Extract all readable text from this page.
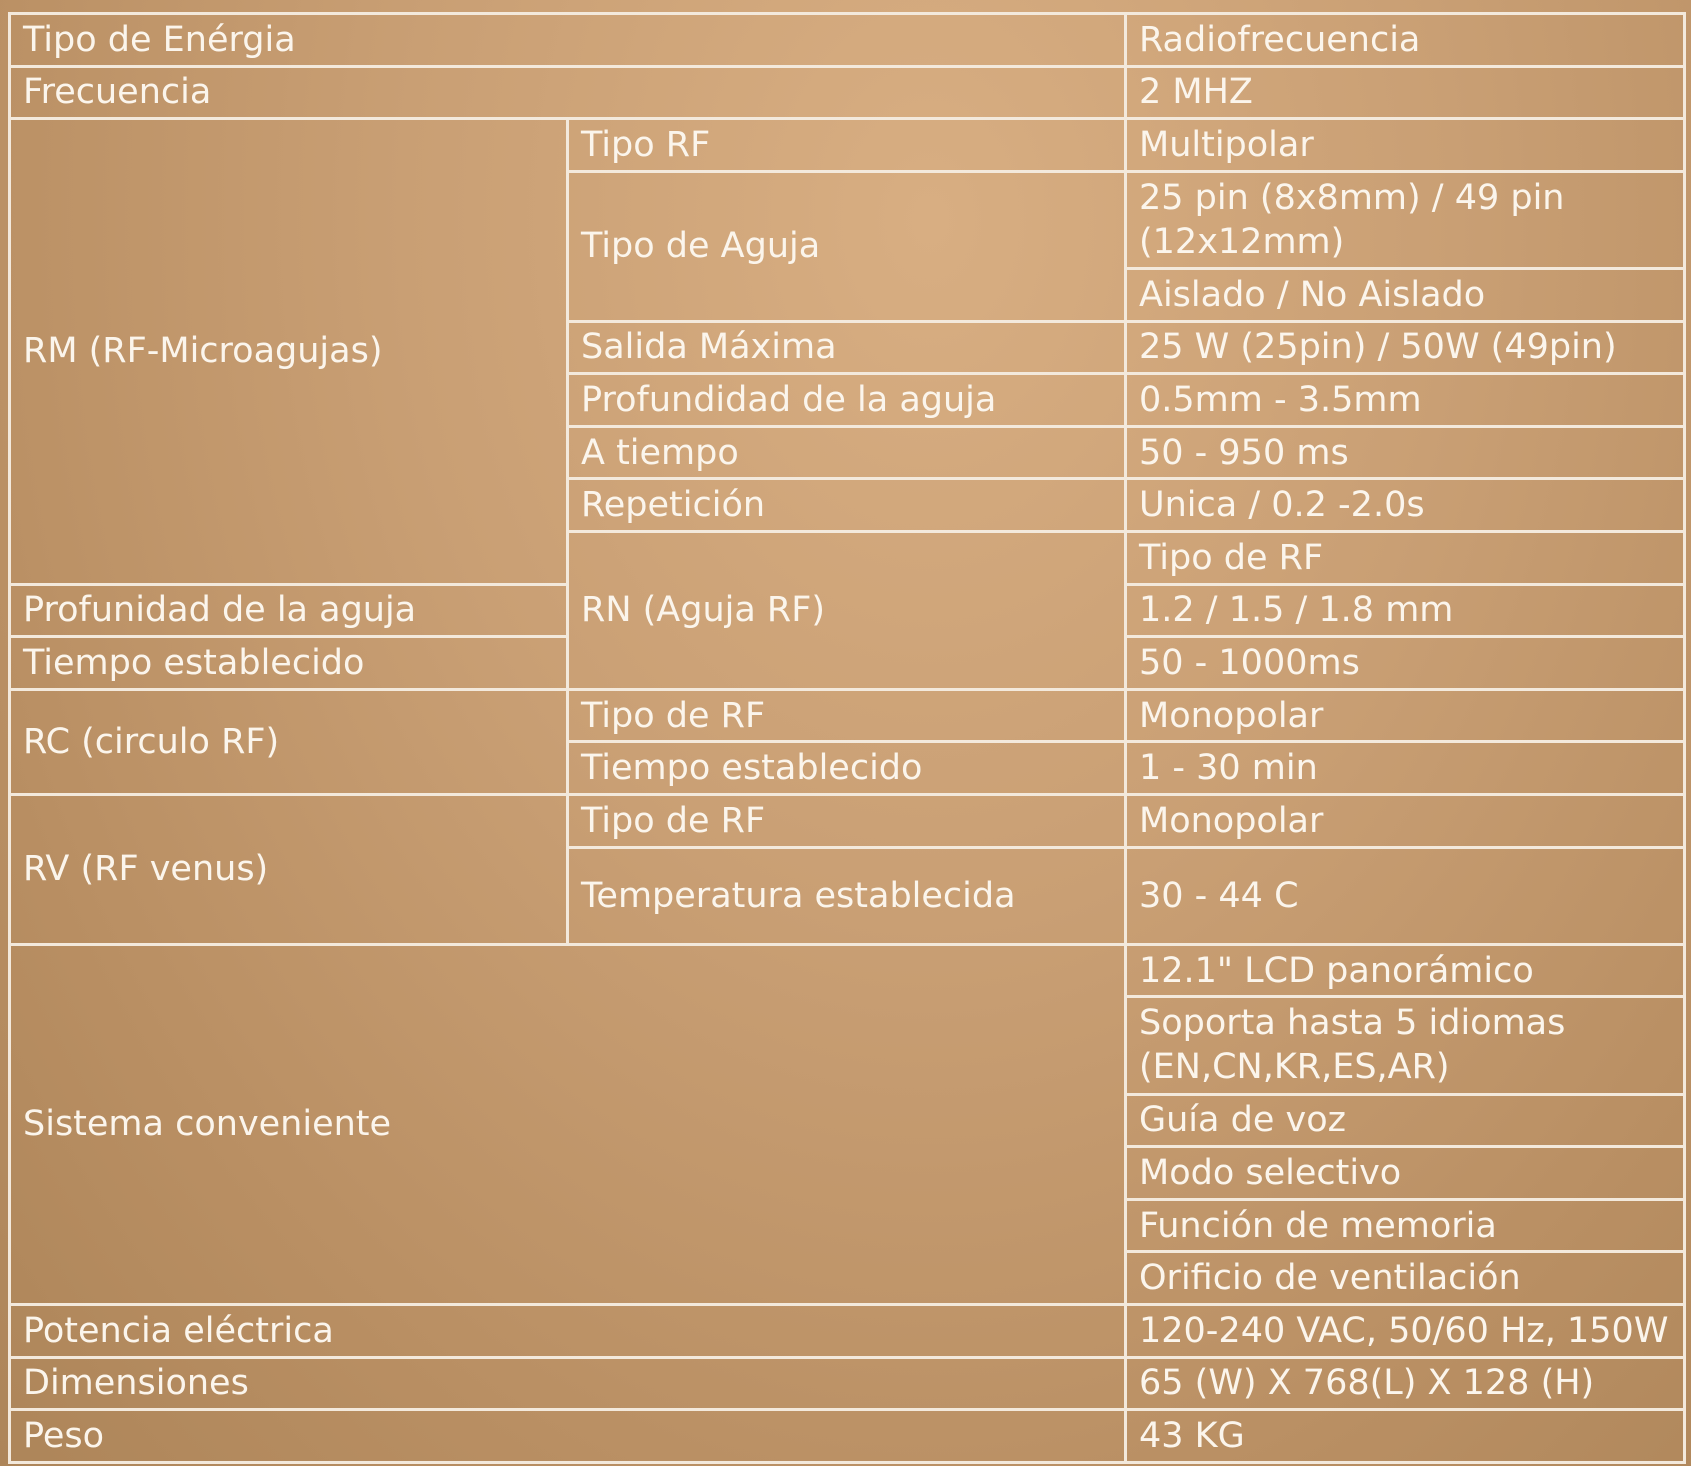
Tipo de Enérgia		Radiofrecuencia	
Frecuencia		2 MHZ	
RM (RF-Microagujas)	Tipo RF	Multipolar	
	Tipo de Aguja	25 pin (8x8mm) / 49 pin (12x12mm)	
		Aislado / No Aislado	
	Salida Máxima	25 W (25pin) / 50W (49pin)	
	Profundidad de la aguja	0.5mm - 3.5mm	
	A tiempo	50 - 950 ms	
	Repetición	Unica / 0.2 -2.0s	
	RN (Aguja RF)	Tipo de RF	
Profunidad de la aguja		1.2 / 1.5 / 1.8 mm	
Tiempo establecido		50 - 1000ms	
RC (circulo RF)	Tipo de RF	Monopolar	
	Tiempo establecido	1 - 30 min	
RV (RF venus)	Tipo de RF	Monopolar	
	Temperatura establecida	30 - 44 C	
Sistema conveniente		12.1" LCD panorámico	
		Soporta hasta 5 idiomas (EN,CN,KR,ES,AR)	
		Guía de voz	
		Modo selectivo	
		Función de memoria	
		Orificio de ventilación	
Potencia eléctrica		120-240 VAC, 50/60 Hz, 150W	
Dimensiones		65 (W) X 768(L) X 128 (H)	
Peso		43 KG	
